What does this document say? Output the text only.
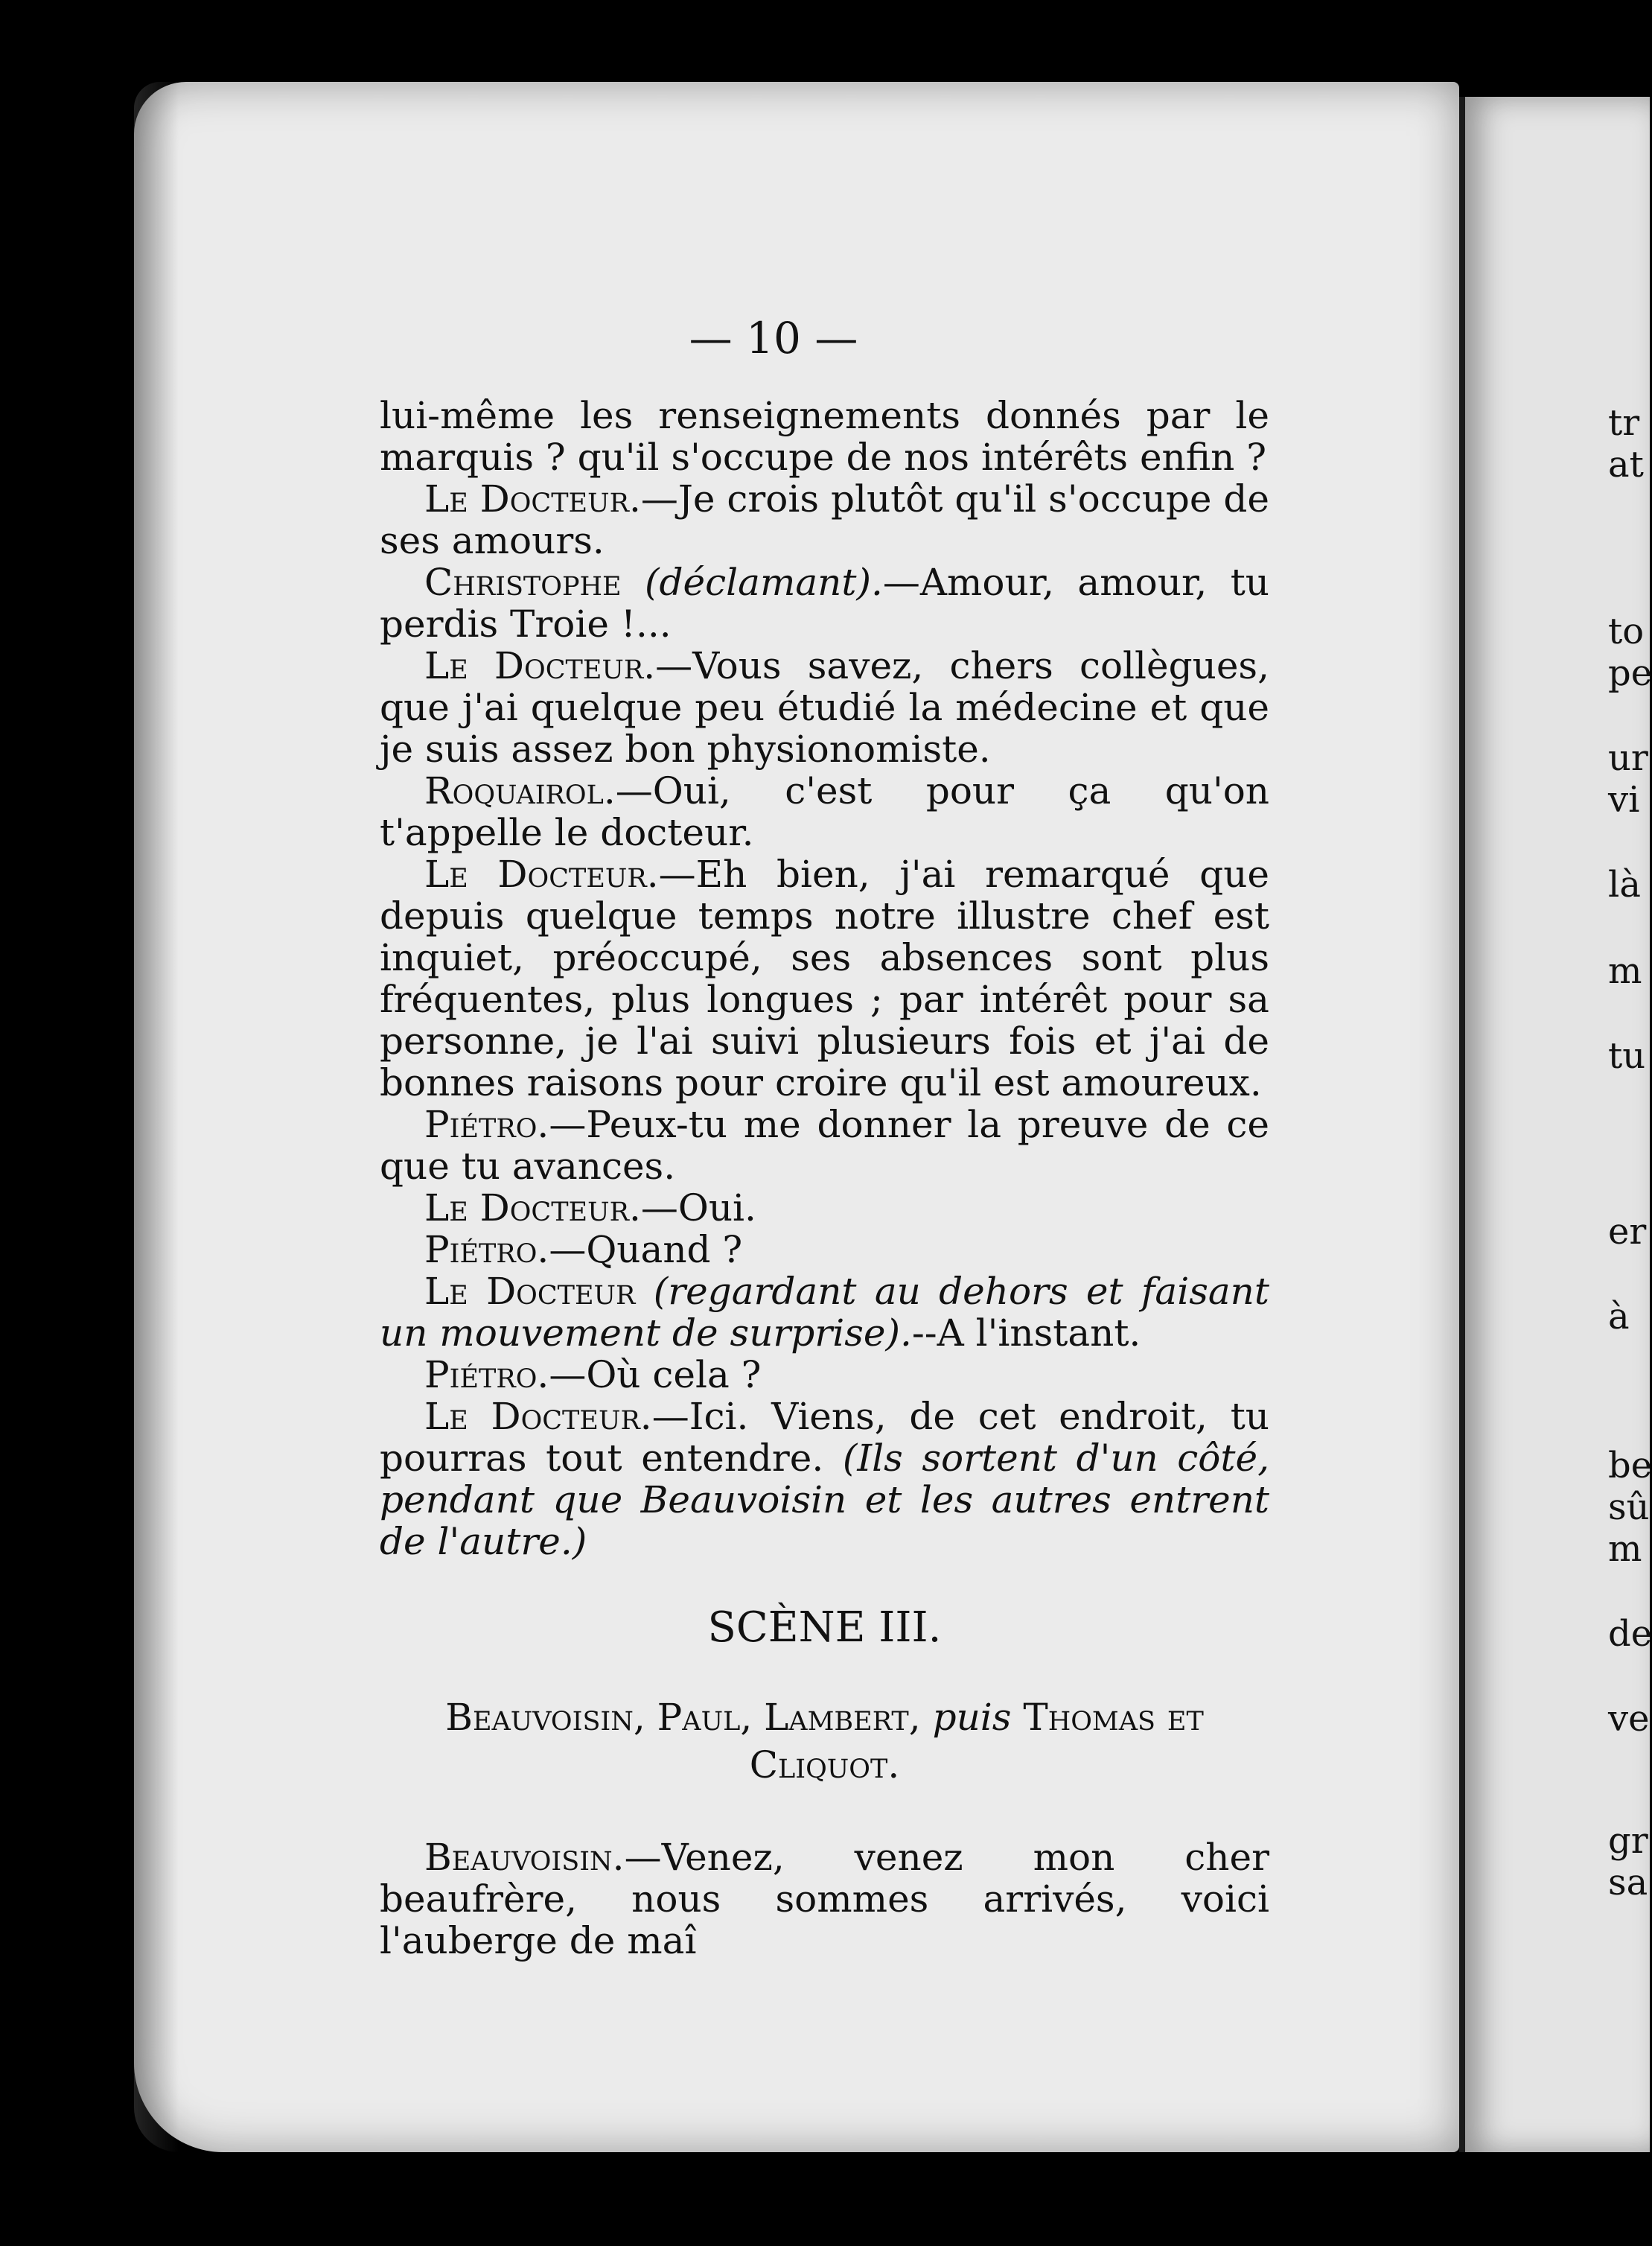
— 10 —

lui-même les renseignements donnés par le marquis ? qu'il s'occupe de nos intérêts enfin ?

Le Docteur.—Je crois plutôt qu'il s'occupe de ses amours.

Christophe (déclamant).—Amour, amour, tu perdis Troie !...

Le Docteur.—Vous savez, chers collègues, que j'ai quelque peu étudié la médecine et que je suis assez bon physionomiste.

Roquairol.—Oui, c'est pour ça qu'on t'appelle le docteur.

Le Docteur.—Eh bien, j'ai remarqué que depuis quelque temps notre illustre chef est inquiet, préoccupé, ses absences sont plus fréquentes, plus longues ; par intérêt pour sa personne, je l'ai suivi plusieurs fois et j'ai de bonnes raisons pour croire qu'il est amoureux.

Piétro.—Peux-tu me donner la preuve de ce que tu avances.

Le Docteur.—Oui.

Piétro.—Quand ?

Le Docteur (regardant au dehors et faisant un mouvement de surprise).--A l'instant.

Piétro.—Où cela ?

Le Docteur.—Ici. Viens, de cet endroit, tu pourras tout entendre. (Ils sortent d'un côté, pendant que Beauvoisin et les autres entrent de l'autre.)

SCÈNE III.

Beauvoisin, Paul, Lambert, puis Thomas et Cliquot.

Beauvoisin.—Venez, venez mon cher beaufrère, nous sommes arrivés, voici l'auberge de maî

tr
at
to
pe
ur
vi
là
m
tu
er
à
be
sû
m
de
ve
gr
sa
